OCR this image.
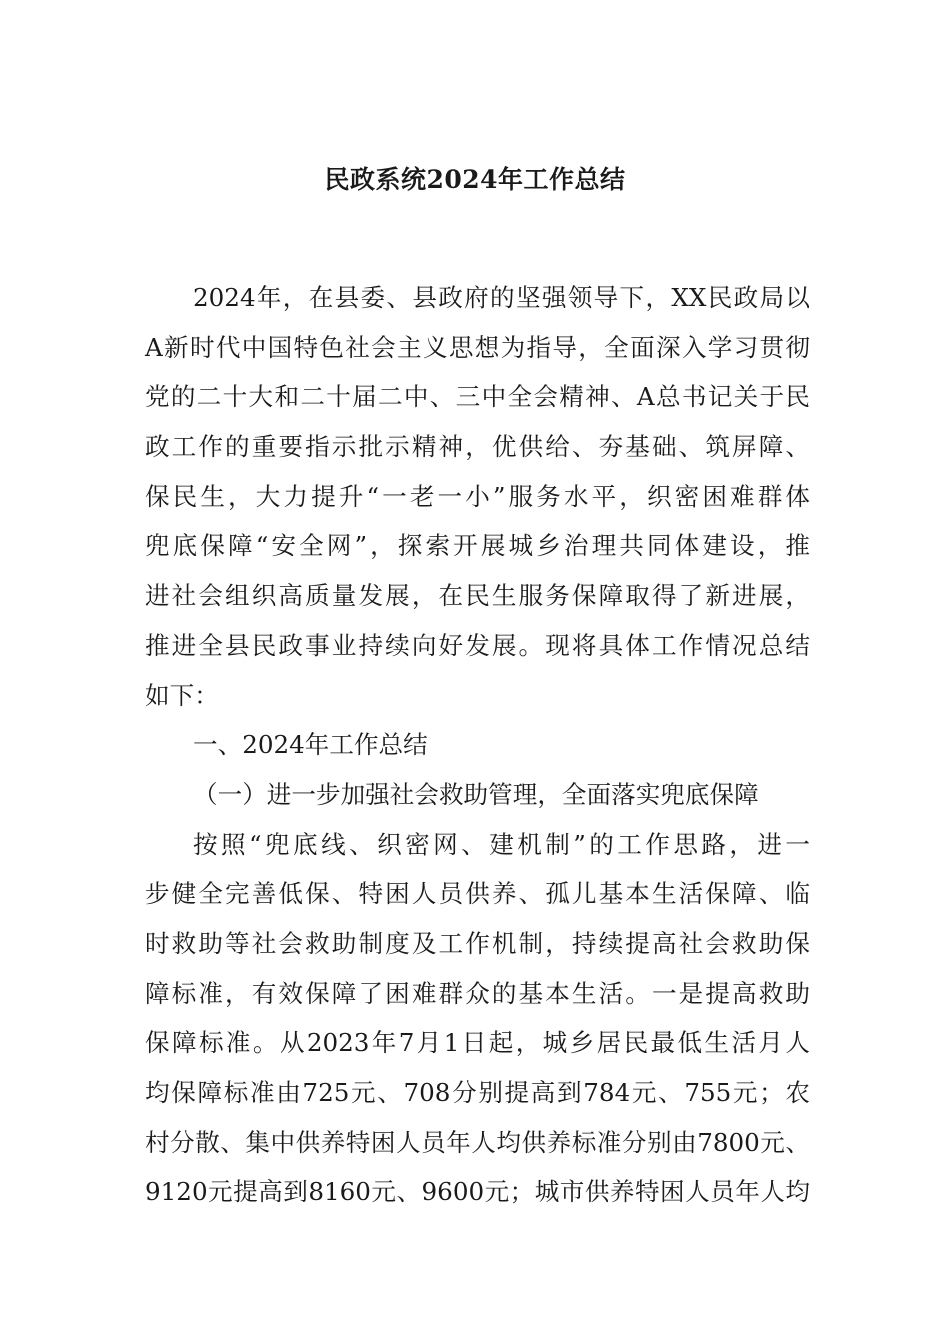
民政系统2024年工作总结
2024年，在县委、县政府的坚强领导下，XX民政局以
A新时代中国特色社会主义思想为指导，全面深入学习贯彻
党的二十大和二十届二中、三中全会精神、A总书记关于民
政工作的重要指示批示精神，优供给、夯基础、筑屏障、
保民生，大力提升“一老一小”服务水平，织密困难群体
兜底保障“安全网”，探索开展城乡治理共同体建设，推
进社会组织高质量发展，在民生服务保障取得了新进展，
推进全县民政事业持续向好发展。现将具体工作情况总结
如下：
一、2024年工作总结
（一）进一步加强社会救助管理，全面落实兜底保障
按照“兜底线、织密网、建机制”的工作思路，进一
步健全完善低保、特困人员供养、孤儿基本生活保障、临
时救助等社会救助制度及工作机制，持续提高社会救助保
障标准，有效保障了困难群众的基本生活。一是提高救助
保障标准。从2023年7月1日起，城乡居民最低生活月人
均保障标准由725元、708分别提高到784元、755元；农
村分散、集中供养特困人员年人均供养标准分别由7800元、
9120元提高到8160元、9600元；城市供养特困人员年人均
